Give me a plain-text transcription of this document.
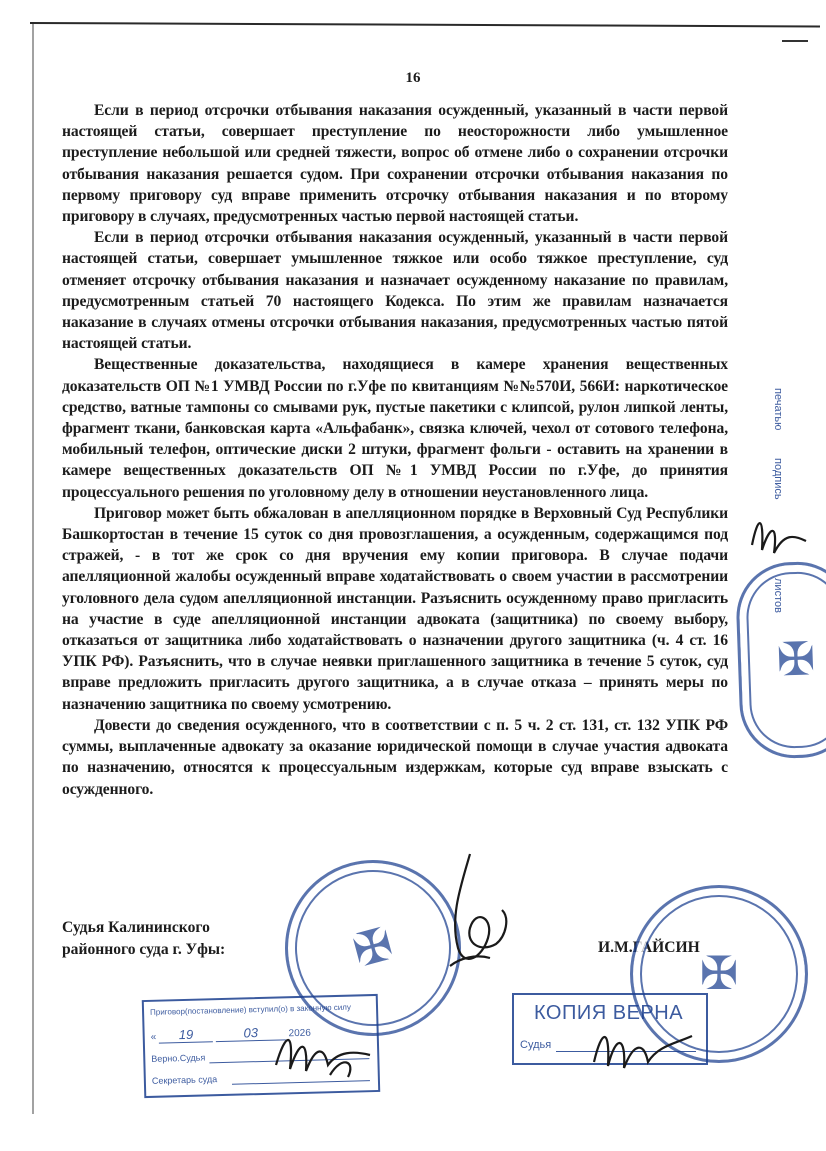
16

Если в период отсрочки отбывания наказания осужденный, указанный в части первой настоящей статьи, совершает преступление по неосторожности либо умышленное преступление небольшой или средней тяжести, вопрос об отмене либо о сохранении отсрочки отбывания наказания решается судом. При сохранении отсрочки отбывания наказания по первому приговору суд вправе применить отсрочку отбывания наказания и по второму приговору в случаях, предусмотренных частью первой настоящей статьи.

Если в период отсрочки отбывания наказания осужденный, указанный в части первой настоящей статьи, совершает умышленное тяжкое или особо тяжкое преступление, суд отменяет отсрочку отбывания наказания и назначает осужденному наказание по правилам, предусмотренным статьей 70 настоящего Кодекса. По этим же правилам назначается наказание в случаях отмены отсрочки отбывания наказания, предусмотренных частью пятой настоящей статьи.

Вещественные доказательства, находящиеся в камере хранения вещественных доказательств ОП №1 УМВД России по г.Уфе по квитанциям №№570И, 566И: наркотическое средство, ватные тампоны со смывами рук, пустые пакетики с клипсой, рулон липкой ленты, фрагмент ткани, банковская карта «Альфабанк», связка ключей, чехол от сотового телефона, мобильный телефон, оптические диски 2 штуки, фрагмент фольги - оставить на хранении в камере вещественных доказательств ОП №1 УМВД России по г.Уфе, до принятия процессуального решения по уголовному делу в отношении неустановленного лица.

Приговор может быть обжалован в апелляционном порядке в Верховный Суд Республики Башкортостан в течение 15 суток со дня провозглашения, а осужденным, содержащимся под стражей, - в тот же срок со дня вручения ему копии приговора. В случае подачи апелляционной жалобы осужденный вправе ходатайствовать о своем участии в рассмотрении уголовного дела судом апелляционной инстанции. Разъяснить осужденному право пригласить на участие в суде апелляционной инстанции адвоката (защитника) по своему выбору, отказаться от защитника либо ходатайствовать о назначении другого защитника (ч. 4 ст. 16 УПК РФ). Разъяснить, что в случае неявки приглашенного защитника в течение 5 суток, суд вправе предложить пригласить другого защитника, а в случае отказа – принять меры по назначению защитника по своему усмотрению.

Довести до сведения осужденного, что в соответствии с п. 5 ч. 2 ст. 131, ст. 132 УПК РФ суммы, выплаченные адвокату за оказание юридической помощи в случае участия адвоката по назначению, относятся к процессуальным издержкам, которые суд вправе взыскать с осужденного.

печатью
подпись
листов
✠
Судья Калининского
районного суда г. Уфы:	✠	И.М.ГАЙСИН
✠
Приговор(постановление) вступил(о) в законную силу
« 19	03	2026
Верно.Судья
Секретарь суда
КОПИЯ ВЕРНА
Судья
